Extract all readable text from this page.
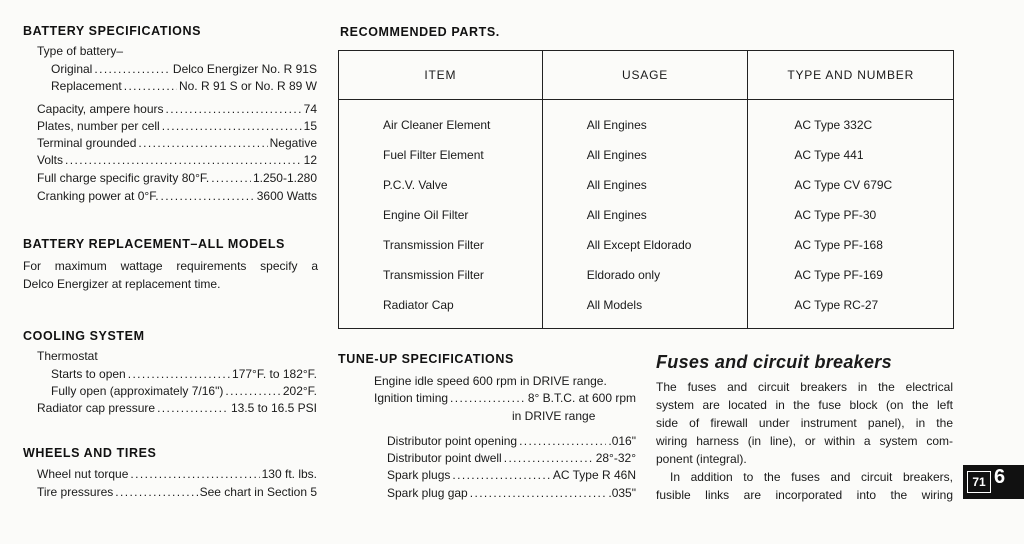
BATTERY SPECIFICATIONS
Type of battery–
Original .....	Delco Energizer No. R 91S
Replacement .....	No. R 91 S or No. R 89 W
Capacity, ampere hours .....	74
Plates, number per cell .....	15
Terminal grounded .....	Negative
Volts .....	12
Full charge specific gravity 80°F. .....	1.250-1.280
Cranking power at 0°F. .....	3600 Watts
BATTERY REPLACEMENT–ALL MODELS
For maximum wattage requirements specify a
Delco Energizer at replacement time.
COOLING SYSTEM
Thermostat
Starts to open .....	177°F. to 182°F.
Fully open (approximately 7/16") .....	202°F.
Radiator cap pressure .....	13.5 to 16.5 PSI
WHEELS AND TIRES
Wheel nut torque .....	130 ft. lbs.
Tire pressures .....	See chart in Section 5
RECOMMENDED PARTS.
ITEM	USAGE	TYPE AND NUMBER
Air Cleaner Element	All Engines	AC Type 332C
Fuel Filter Element	All Engines	AC Type 441
P.C.V. Valve	All Engines	AC Type CV 679C
Engine Oil Filter	All Engines	AC Type PF-30
Transmission Filter	All Except Eldorado	AC Type PF-168
Transmission Filter	Eldorado only	AC Type PF-169
Radiator Cap	All Models	AC Type RC-27
TUNE-UP SPECIFICATIONS
Engine idle speed 600 rpm in DRIVE range.
Ignition timing .....	8° B.T.C. at 600 rpm
in DRIVE range
Distributor point opening .....	.016"
Distributor point dwell .....	28°-32°
Spark plugs .....	AC Type R 46N
Spark plug gap .....	.035"
Fuses and circuit breakers
The fuses and circuit breakers in the electrical
system are located in the fuse block (on the left
side of firewall under instrument panel), in the
wiring harness (in line), or within a system com-
ponent (integral).
In addition to the fuses and circuit breakers,
fusible links are incorporated into the wiring
71 6
